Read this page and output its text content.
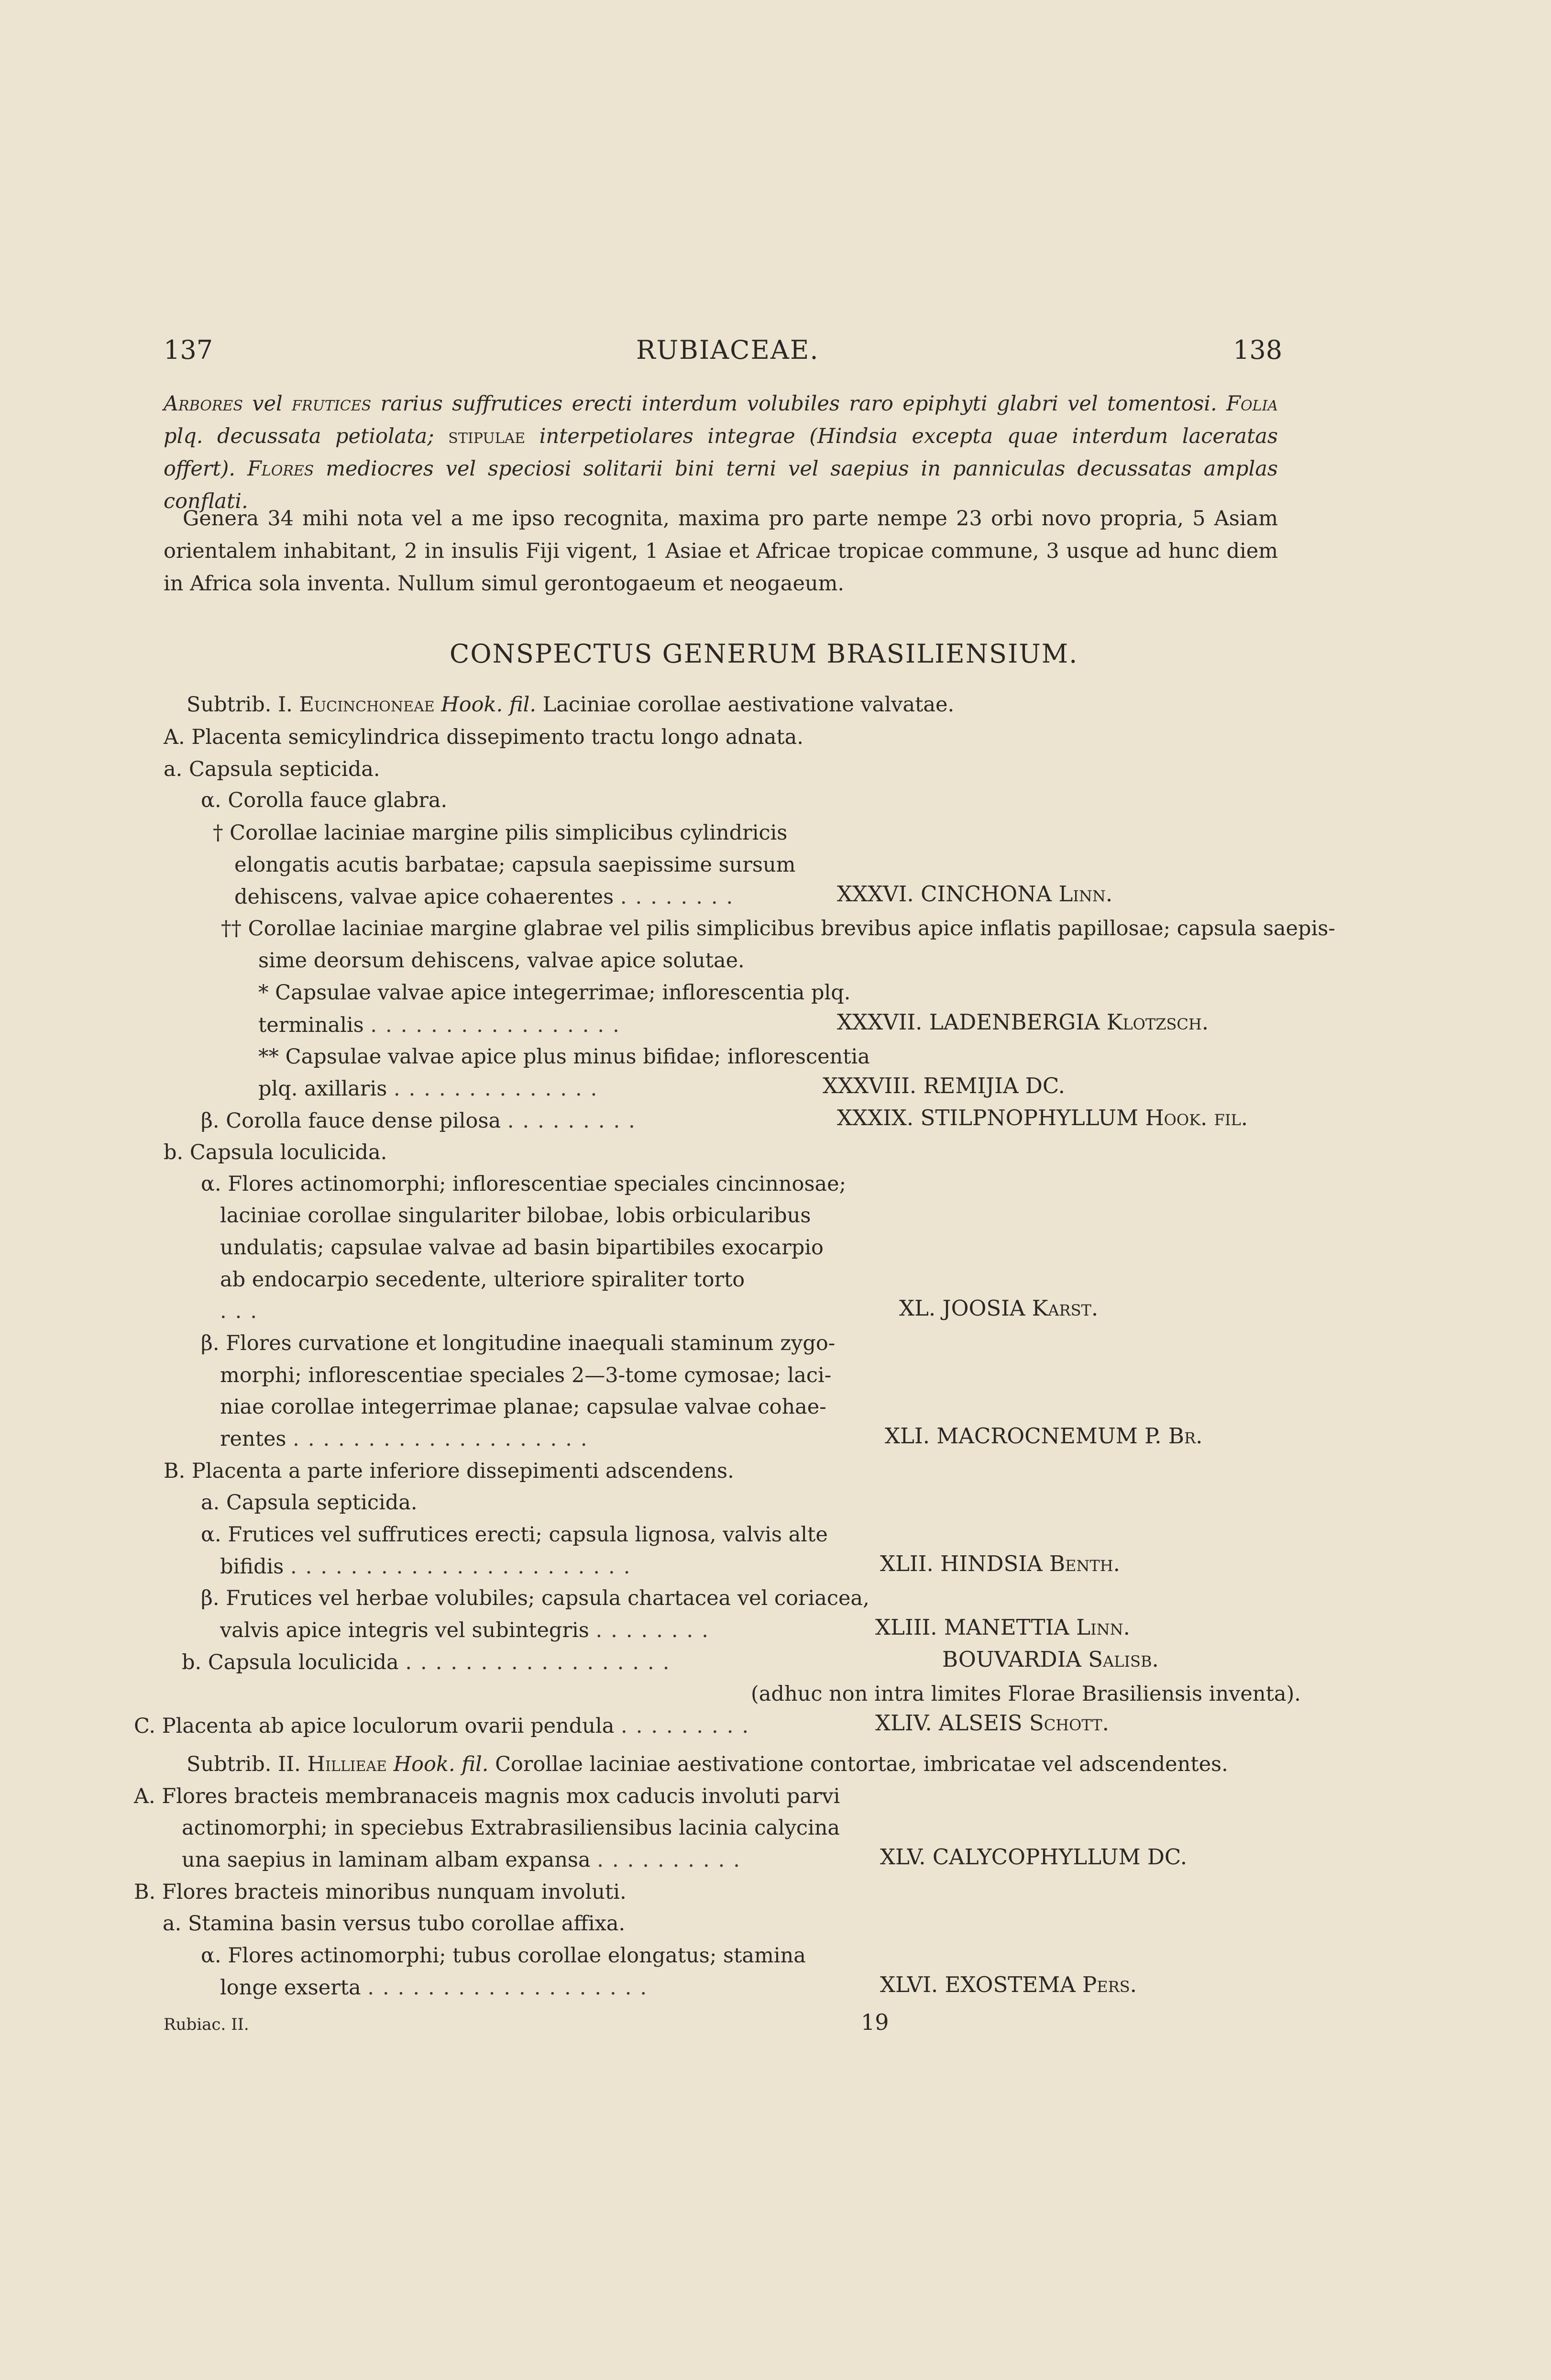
137	RUBIACEAE.	138
Arbores vel frutices rarius suffrutices erecti interdum volubiles raro epiphyti glabri vel tomentosi. Folia plq. decussata petiolata; stipulae interpetiolares integrae (Hindsia excepta quae interdum laceratas offert). Flores mediocres vel speciosi solitarii bini terni vel saepius in panniculas decussatas amplas conflati.
Genera 34 mihi nota vel a me ipso recognita, maxima pro parte nempe 23 orbi novo propria, 5 Asiam orientalem inhabitant, 2 in insulis Fiji vigent, 1 Asiae et Africae tropicae commune, 3 usque ad hunc diem in Africa sola inventa. Nullum simul gerontogaeum et neogaeum.
CONSPECTUS GENERUM BRASILIENSIUM.
Subtrib. I. Eucinchoneae Hook. fil. Laciniae corollae aestivatione valvatae.
A. Placenta semicylindrica dissepimento tractu longo adnata.
a. Capsula septicida.
α. Corolla fauce glabra.
† Corollae laciniae margine pilis simplicibus cylindricis
elongatis acutis barbatae; capsula saepissime sursum
dehiscens, valvae apice cohaerentes ........	XXXVI. CINCHONA Linn.
†† Corollae laciniae margine glabrae vel pilis simplicibus brevibus apice inflatis papillosae; capsula saepis-
sime deorsum dehiscens, valvae apice solutae.
* Capsulae valvae apice integerrimae; inflorescentia plq.
terminalis .................	XXXVII. LADENBERGIA Klotzsch.
** Capsulae valvae apice plus minus bifidae; inflorescentia
plq. axillaris ..............	XXXVIII. REMIJIA DC.
β. Corolla fauce dense pilosa .........	XXXIX. STILPNOPHYLLUM Hook. fil.
b. Capsula loculicida.
α. Flores actinomorphi; inflorescentiae speciales cincinnosae;
laciniae corollae singulariter bilobae, lobis orbicularibus
undulatis; capsulae valvae ad basin bipartibiles exocarpio
ab endocarpio secedente, ulteriore spiraliter torto
...	XL. JOOSIA Karst.
β. Flores curvatione et longitudine inaequali staminum zygo-
morphi; inflorescentiae speciales 2—3-tome cymosae; laci-
niae corollae integerrimae planae; capsulae valvae cohae-
rentes ....................	XLI. MACROCNEMUM P. Br.
B. Placenta a parte inferiore dissepimenti adscendens.
a. Capsula septicida.
α. Frutices vel suffrutices erecti; capsula lignosa, valvis alte
bifidis .......................	XLII. HINDSIA Benth.
β. Frutices vel herbae volubiles; capsula chartacea vel coriacea,
valvis apice integris vel subintegris ........	XLIII. MANETTIA Linn.
b. Capsula loculicida ..................	BOUVARDIA Salisb.
(adhuc non intra limites Florae Brasiliensis inventa).
C. Placenta ab apice loculorum ovarii pendula .........	XLIV. ALSEIS Schott.
Subtrib. II. Hillieae Hook. fil. Corollae laciniae aestivatione contortae, imbricatae vel adscendentes.
A. Flores bracteis membranaceis magnis mox caducis involuti parvi
actinomorphi; in speciebus Extrabrasiliensibus lacinia calycina
una saepius in laminam albam expansa ..........	XLV. CALYCOPHYLLUM DC.
B. Flores bracteis minoribus nunquam involuti.
a. Stamina basin versus tubo corollae affixa.
α. Flores actinomorphi; tubus corollae elongatus; stamina
longe exserta ...................	XLVI. EXOSTEMA Pers.
Rubiac. II.	19
